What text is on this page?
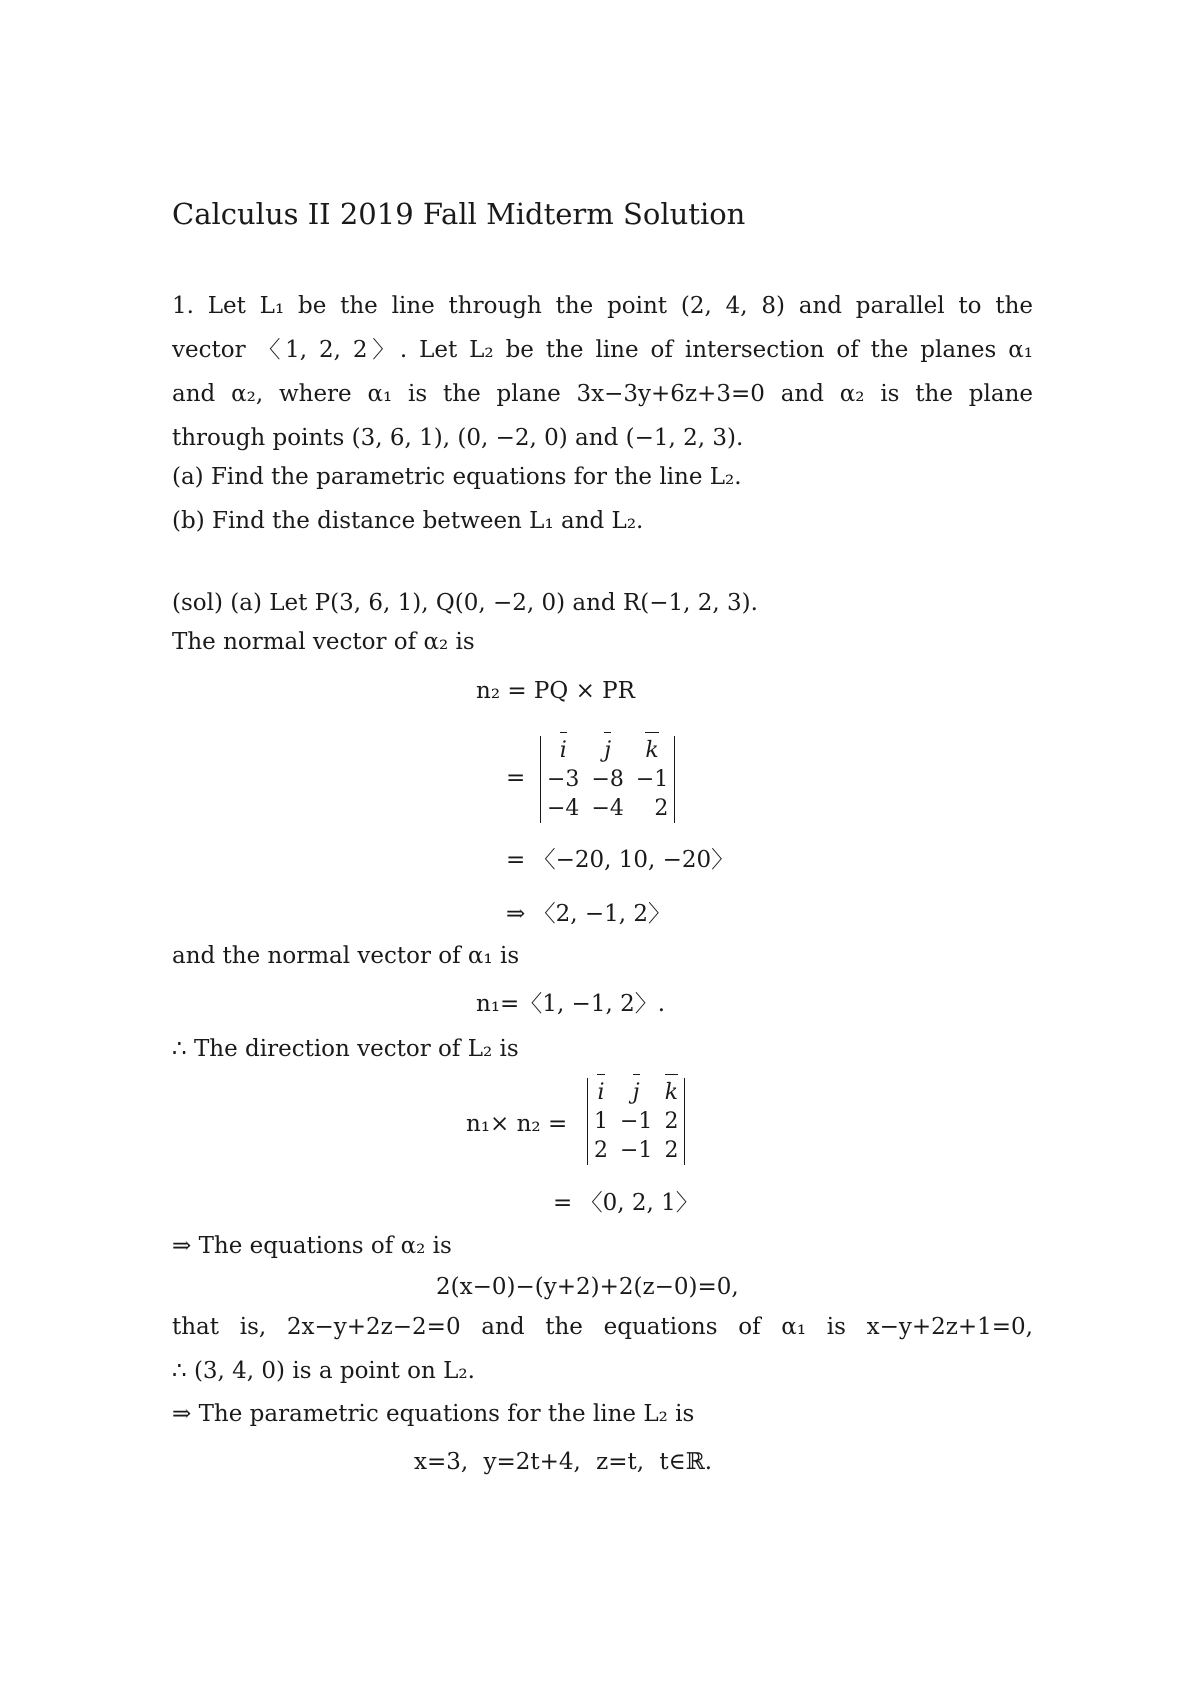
Calculus II 2019 Fall Midterm Solution
1. Let L₁ be the line through the point (2, 4, 8) and parallel to the
vector 〈1, 2, 2〉. Let L₂ be the line of intersection of the planes α₁
and α₂, where α₁ is the plane 3x−3y+6z+3=0 and α₂ is the plane
through points (3, 6, 1), (0, −2, 0) and (−1, 2, 3).
(a) Find the parametric equations for the line L₂.
(b) Find the distance between L₁ and L₂.
(sol) (a) Let P(3, 6, 1), Q(0, −2, 0) and R(−1, 2, 3).
The normal vector of α₂ is
n₂ = PQ × PR
=
i	j	k
−3	−8	−1
−4	−4	2
= 〈−20, 10, −20〉
⇒ 〈2, −1, 2〉
and the normal vector of α₁ is
n₁=〈1, −1, 2〉.
∴ The direction vector of L₂ is
n₁× n₂ =
i	j	k
1	−1	2
2	−1	2
= 〈0, 2, 1〉
⇒ The equations of α₂ is
2(x−0)−(y+2)+2(z−0)=0,
that is, 2x−y+2z−2=0 and the equations of α₁ is x−y+2z+1=0,
∴ (3, 4, 0) is a point on L₂.
⇒ The parametric equations for the line L₂ is
x=3, y=2t+4, z=t, t∈ℝ.
